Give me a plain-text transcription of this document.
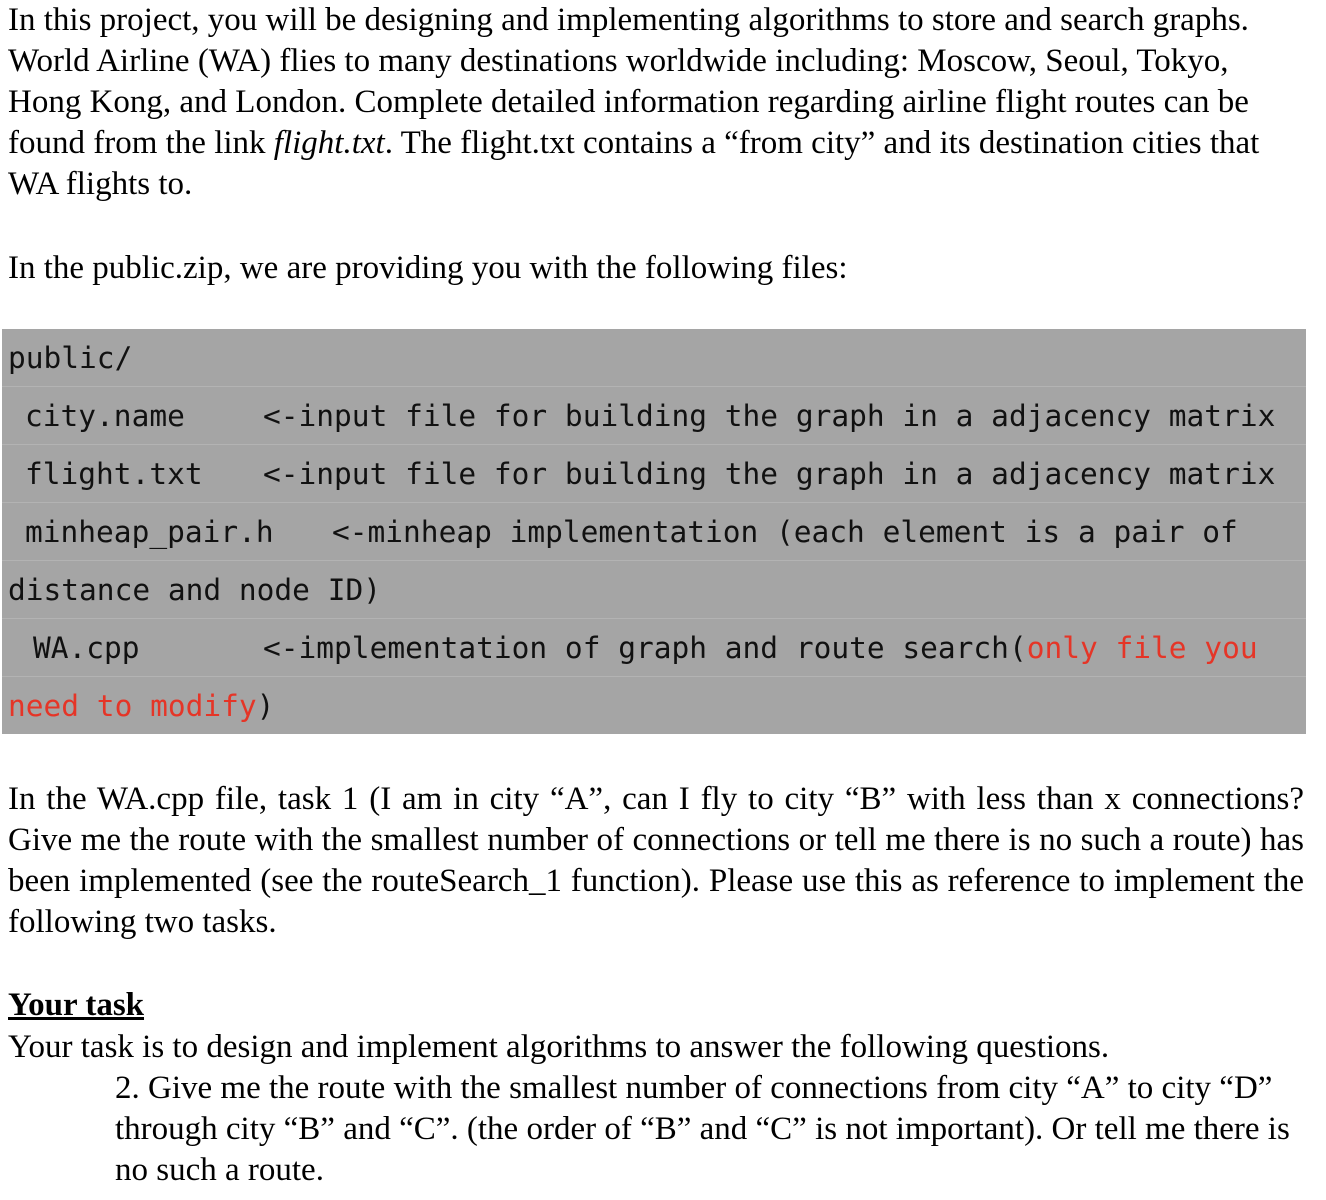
In this project, you will be designing and implementing algorithms to store and search graphs. World Airline (WA) flies to many destinations worldwide including: Moscow, Seoul, Tokyo, Hong Kong, and London. Complete detailed information regarding airline flight routes can be found from the link flight.txt. The flight.txt contains a “from city” and its destination cities that WA flights to.

In the public.zip, we are providing you with the following files:

public/

city.name

	<-input file for building the graph in a adjacency matrix

flight.txt

<-input file for building the graph in a adjacency matrix

minheap_pair.h

<-minheap implementation (each element is a pair of

distance and node ID)

WA.cpp

	<-implementation of graph and route search(only file you

need to modify)

In the WA.cpp file, task 1 (I am in city “A”, can I fly to city “B” with less than x connections? Give me the route with the smallest number of connections or tell me there is no such a route) has been implemented (see the routeSearch_1 function). Please use this as reference to implement the following two tasks.

Your task

Your task is to design and implement algorithms to answer the following questions.

2. Give me the route with the smallest number of connections from city “A” to city “D” through city “B” and “C”. (the order of “B” and “C” is not important). Or tell me there is no such a route.
